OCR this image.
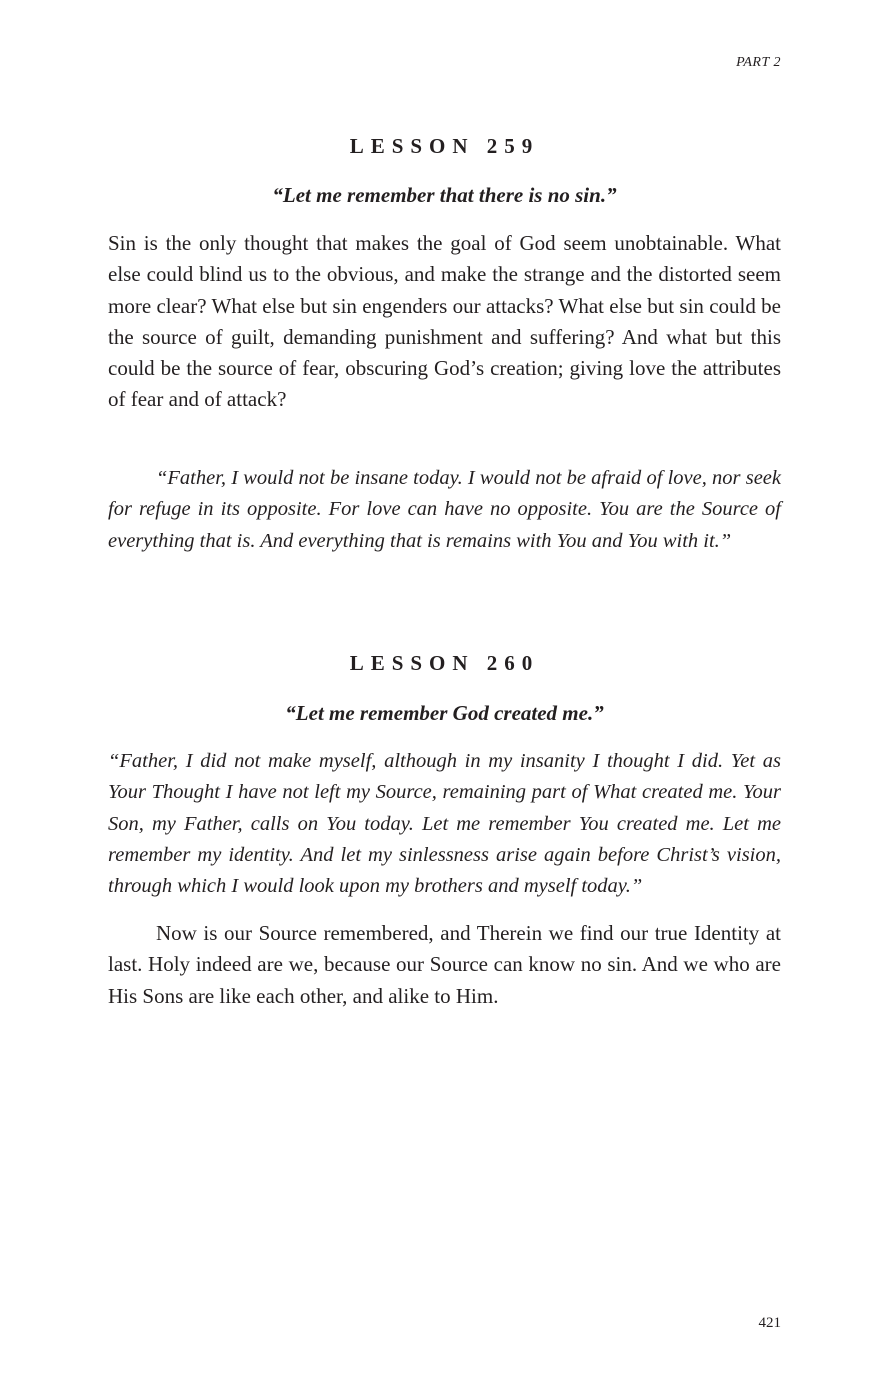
PART 2
LESSON 259
“Let me remember that there is no sin.”

Sin is the only thought that makes the goal of God seem unobtainable. What else could blind us to the obvious, and make the strange and the distorted seem more clear? What else but sin engenders our attacks? What else but sin could be the source of guilt, demanding punishment and suffering? And what but this could be the source of fear, obscuring God’s creation; giving love the attributes of fear and of attack?

“Father, I would not be insane today. I would not be afraid of love, nor seek for refuge in its opposite. For love can have no opposite. You are the Source of everything that is. And everything that is remains with You and You with it.”

LESSON 260
“Let me remember God created me.”

“Father, I did not make myself, although in my insanity I thought I did. Yet as Your Thought I have not left my Source, remaining part of What created me. Your Son, my Father, calls on You today. Let me remember You created me. Let me remember my identity. And let my sinlessness arise again before Christ’s vision, through which I would look upon my brothers and myself today.”

Now is our Source remembered, and Therein we find our true Identity at last. Holy indeed are we, because our Source can know no sin. And we who are His Sons are like each other, and alike to Him.

421
